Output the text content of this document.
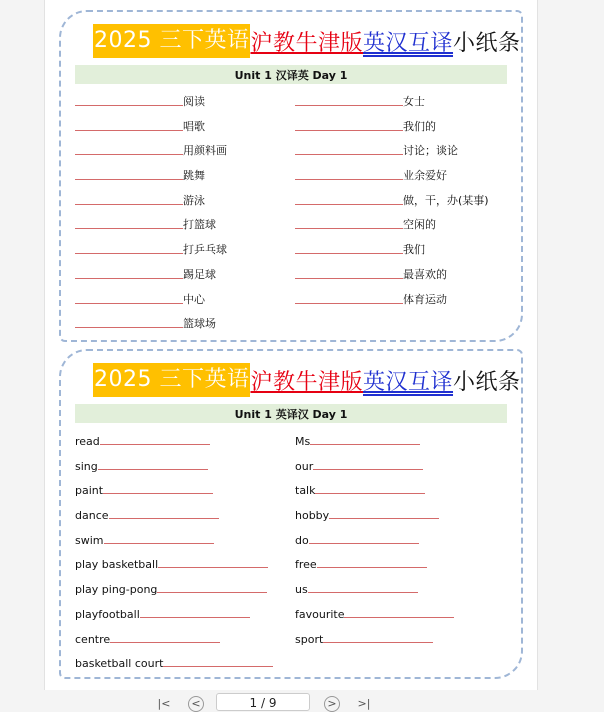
2025 三下英语 沪教牛津版 英汉互译 小纸条
Unit 1 汉译英 Day 1
阅读	女士
唱歌	我们的
用颜料画	讨论；谈论
跳舞	业余爱好
游泳	做，干，办(某事)
打篮球	空闲的
打乒乓球	我们
踢足球	最喜欢的
中心	体育运动
篮球场
2025 三下英语 沪教牛津版 英汉互译 小纸条
Unit 1 英译汉 Day 1
read	Ms
sing	our
paint	talk
dance	hobby
swim	do
play basketball	free
play ping-pong	us
playfootball	favourite
centre	sport
basketball court
|<	<	1 / 9	>	>|
